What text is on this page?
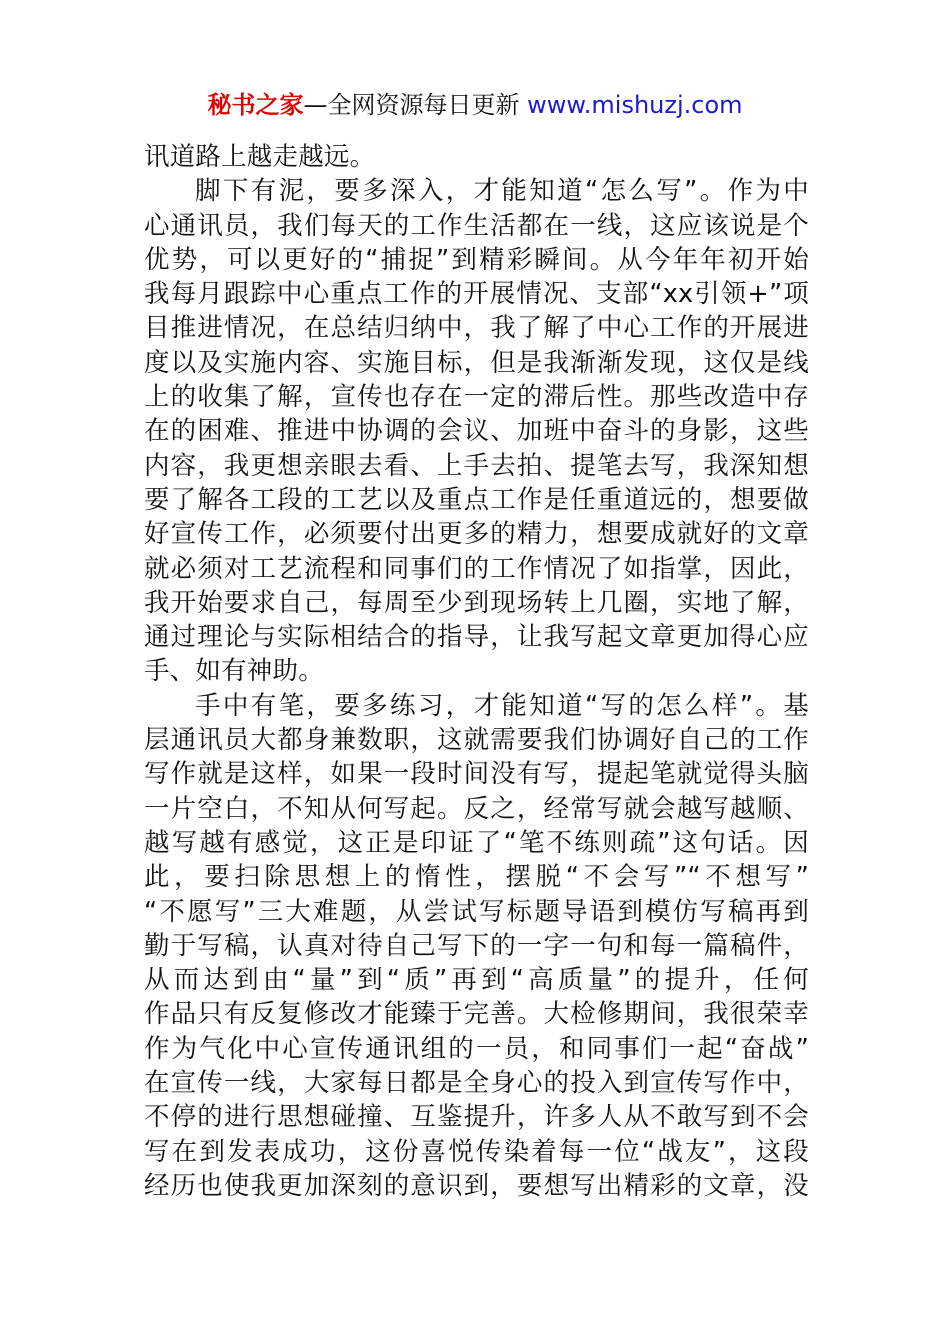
秘书之家—全网资源每日更新 www.mishuzj.com
讯道路上越走越远。
脚下有泥，要多深入，才能知道“怎么写”。作为中
心通讯员，我们每天的工作生活都在一线，这应该说是个
优势，可以更好的“捕捉”到精彩瞬间。从今年年初开始
我每月跟踪中心重点工作的开展情况、支部“xx引领+”项
目推进情况，在总结归纳中，我了解了中心工作的开展进
度以及实施内容、实施目标，但是我渐渐发现，这仅是线
上的收集了解，宣传也存在一定的滞后性。那些改造中存
在的困难、推进中协调的会议、加班中奋斗的身影，这些
内容，我更想亲眼去看、上手去拍、提笔去写，我深知想
要了解各工段的工艺以及重点工作是任重道远的，想要做
好宣传工作，必须要付出更多的精力，想要成就好的文章
就必须对工艺流程和同事们的工作情况了如指掌，因此，
我开始要求自己，每周至少到现场转上几圈，实地了解，
通过理论与实际相结合的指导，让我写起文章更加得心应
手、如有神助。
手中有笔，要多练习，才能知道“写的怎么样”。基
层通讯员大都身兼数职，这就需要我们协调好自己的工作
写作就是这样，如果一段时间没有写，提起笔就觉得头脑
一片空白，不知从何写起。反之，经常写就会越写越顺、
越写越有感觉，这正是印证了“笔不练则疏”这句话。因
此，要扫除思想上的惰性，摆脱“不会写”“不想写”
“不愿写”三大难题，从尝试写标题导语到模仿写稿再到
勤于写稿，认真对待自己写下的一字一句和每一篇稿件，
从而达到由“量”到“质”再到“高质量”的提升，任何
作品只有反复修改才能臻于完善。大检修期间，我很荣幸
作为气化中心宣传通讯组的一员，和同事们一起“奋战”
在宣传一线，大家每日都是全身心的投入到宣传写作中，
不停的进行思想碰撞、互鉴提升，许多人从不敢写到不会
写在到发表成功，这份喜悦传染着每一位“战友”，这段
经历也使我更加深刻的意识到，要想写出精彩的文章，没
